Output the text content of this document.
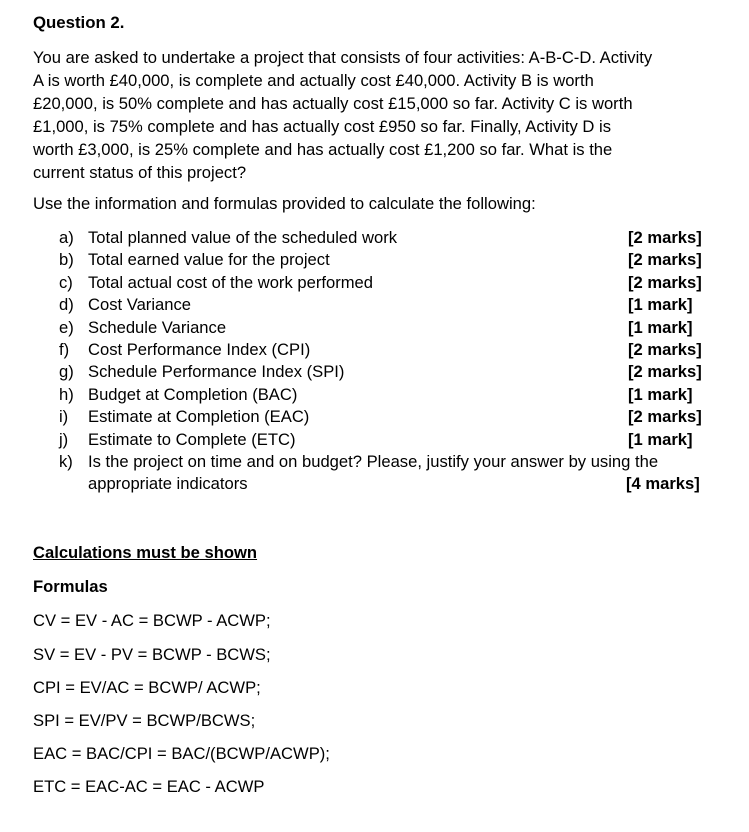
Question 2.
You are asked to undertake a project that consists of four activities: A-B-C-D. Activity
A is worth £40,000, is complete and actually cost £40,000. Activity B is worth
£20,000, is 50% complete and has actually cost £15,000 so far. Activity C is worth
£1,000, is 75% complete and has actually cost £950 so far. Finally, Activity D is
worth £3,000, is 25% complete and has actually cost £1,200 so far. What is the
current status of this project?
Use the information and formulas provided to calculate the following:
a) Total planned value of the scheduled work	[2 marks]
b) Total earned value for the project	[2 marks]
c) Total actual cost of the work performed	[2 marks]
d) Cost Variance	[1 mark]
e) Schedule Variance	[1 mark]
f) Cost Performance Index (CPI)	[2 marks]
g) Schedule Performance Index (SPI)	[2 marks]
h) Budget at Completion (BAC)	[1 mark]
i) Estimate at Completion (EAC)	[2 marks]
j) Estimate to Complete (ETC)	[1 mark]
k) Is the project on time and on budget? Please, justify your answer by using the
appropriate indicators	[4 marks]
Calculations must be shown
Formulas
CV = EV - AC = BCWP - ACWP;
SV = EV - PV = BCWP - BCWS;
CPI = EV/AC = BCWP/ ACWP;
SPI = EV/PV = BCWP/BCWS;
EAC = BAC/CPI = BAC/(BCWP/ACWP);
ETC = EAC-AC = EAC - ACWP
